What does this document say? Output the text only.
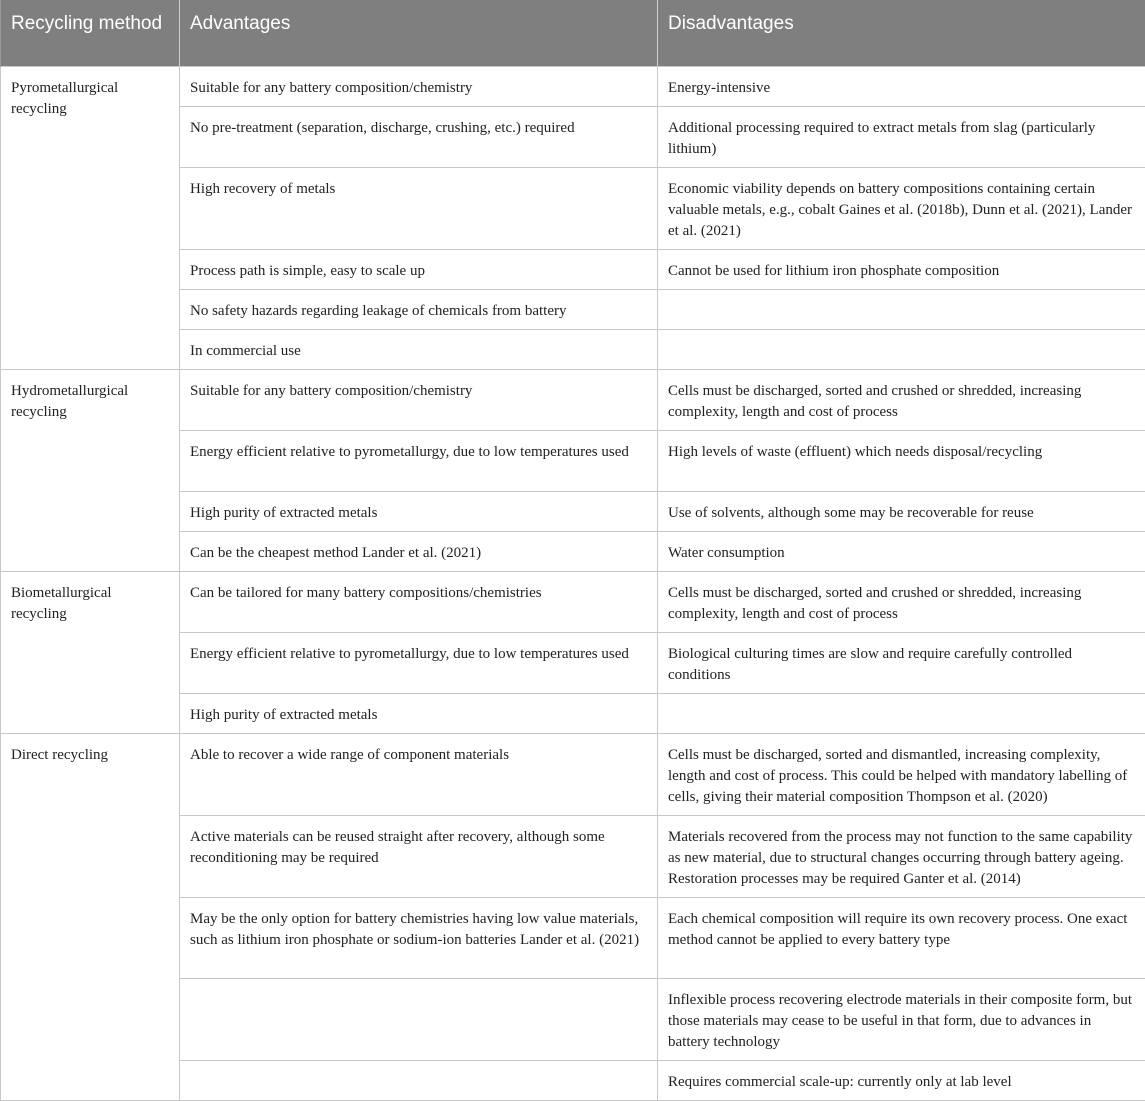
Recycling method	Advantages	Disadvantages
Pyrometallurgical recycling	Suitable for any battery composition/chemistry	Energy-intensive
	No pre-treatment (separation, discharge, crushing, etc.) required	Additional processing required to extract metals from slag (particularly lithium)
	High recovery of metals	Economic viability depends on battery compositions containing certain valuable metals, e.g., cobalt Gaines et al. (2018b), Dunn et al. (2021), Lander et al. (2021)
	Process path is simple, easy to scale up	Cannot be used for lithium iron phosphate composition
	No safety hazards regarding leakage of chemicals from battery	
	In commercial use	
Hydrometallurgical recycling	Suitable for any battery composition/chemistry	Cells must be discharged, sorted and crushed or shredded, increasing complexity, length and cost of process
	Energy efficient relative to pyrometallurgy, due to low temperatures used	High levels of waste (effluent) which needs disposal/recycling
	High purity of extracted metals	Use of solvents, although some may be recoverable for reuse
	Can be the cheapest method Lander et al. (2021)	Water consumption
Biometallurgical recycling	Can be tailored for many battery compositions/chemistries	Cells must be discharged, sorted and crushed or shredded, increasing complexity, length and cost of process
	Energy efficient relative to pyrometallurgy, due to low temperatures used	Biological culturing times are slow and require carefully controlled conditions
	High purity of extracted metals	
Direct recycling	Able to recover a wide range of component materials	Cells must be discharged, sorted and dismantled, increasing complexity, length and cost of process. This could be helped with mandatory labelling of cells, giving their material composition Thompson et al. (2020)
	Active materials can be reused straight after recovery, although some reconditioning may be required	Materials recovered from the process may not function to the same capability as new material, due to structural changes occurring through battery ageing. Restoration processes may be required Ganter et al. (2014)
	May be the only option for battery chemistries having low value materials, such as lithium iron phosphate or sodium-ion batteries Lander et al. (2021)	Each chemical composition will require its own recovery process. One exact method cannot be applied to every battery type
		Inflexible process recovering electrode materials in their composite form, but those materials may cease to be useful in that form, due to advances in battery technology
		Requires commercial scale-up: currently only at lab level
